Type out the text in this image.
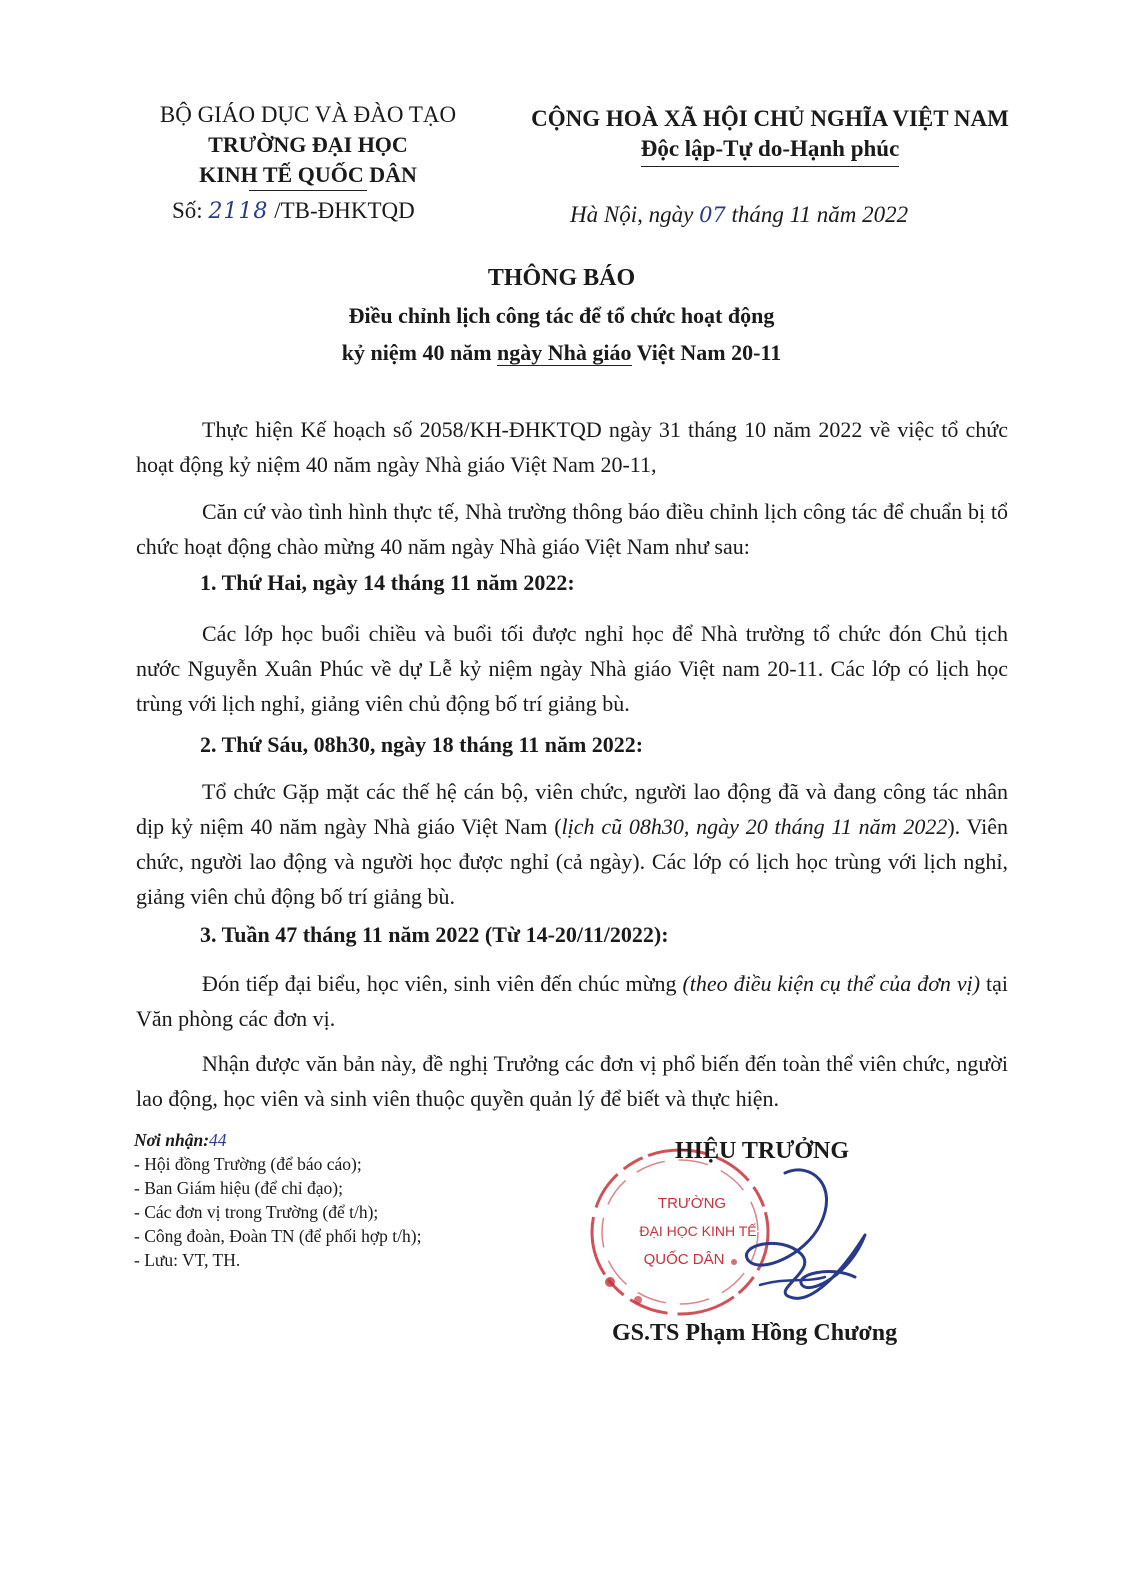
BỘ GIÁO DỤC VÀ ĐÀO TẠO
TRƯỜNG ĐẠI HỌC
KINH TẾ QUỐC DÂN
Số: 2118 /TB-ĐHKTQD
CỘNG HOÀ XÃ HỘI CHỦ NGHĨA VIỆT NAM
Độc lập-Tự do-Hạnh phúc
Hà Nội, ngày 07 tháng 11 năm 2022
THÔNG BÁO
Điều chỉnh lịch công tác để tổ chức hoạt động
kỷ niệm 40 năm ngày Nhà giáo Việt Nam 20-11
Thực hiện Kế hoạch số 2058/KH-ĐHKTQD ngày 31 tháng 10 năm 2022 về việc tổ chức hoạt động kỷ niệm 40 năm ngày Nhà giáo Việt Nam 20-11,
Căn cứ vào tình hình thực tế, Nhà trường thông báo điều chỉnh lịch công tác để chuẩn bị tổ chức hoạt động chào mừng 40 năm ngày Nhà giáo Việt Nam như sau:
1. Thứ Hai, ngày 14 tháng 11 năm 2022:
Các lớp học buổi chiều và buổi tối được nghỉ học để Nhà trường tổ chức đón Chủ tịch nước Nguyễn Xuân Phúc về dự Lễ kỷ niệm ngày Nhà giáo Việt nam 20-11. Các lớp có lịch học trùng với lịch nghỉ, giảng viên chủ động bố trí giảng bù.
2. Thứ Sáu, 08h30, ngày 18 tháng 11 năm 2022:
Tổ chức Gặp mặt các thế hệ cán bộ, viên chức, người lao động đã và đang công tác nhân dịp kỷ niệm 40 năm ngày Nhà giáo Việt Nam (lịch cũ 08h30, ngày 20 tháng 11 năm 2022). Viên chức, người lao động và người học được nghỉ (cả ngày). Các lớp có lịch học trùng với lịch nghỉ, giảng viên chủ động bố trí giảng bù.
3. Tuần 47 tháng 11 năm 2022 (Từ 14-20/11/2022):
Đón tiếp đại biểu, học viên, sinh viên đến chúc mừng (theo điều kiện cụ thể của đơn vị) tại Văn phòng các đơn vị.
Nhận được văn bản này, đề nghị Trưởng các đơn vị phổ biến đến toàn thể viên chức, người lao động, học viên và sinh viên thuộc quyền quản lý để biết và thực hiện.
Nơi nhận:44
- Hội đồng Trường (để báo cáo);
- Ban Giám hiệu (để chỉ đạo);
- Các đơn vị trong Trường (để t/h);
- Công đoàn, Đoàn TN (để phối hợp t/h);
- Lưu: VT, TH.
TRƯỜNG
ĐẠI HỌC KINH TẾ
QUỐC DÂN
HIỆU TRƯỞNG
GS.TS Phạm Hồng Chương
